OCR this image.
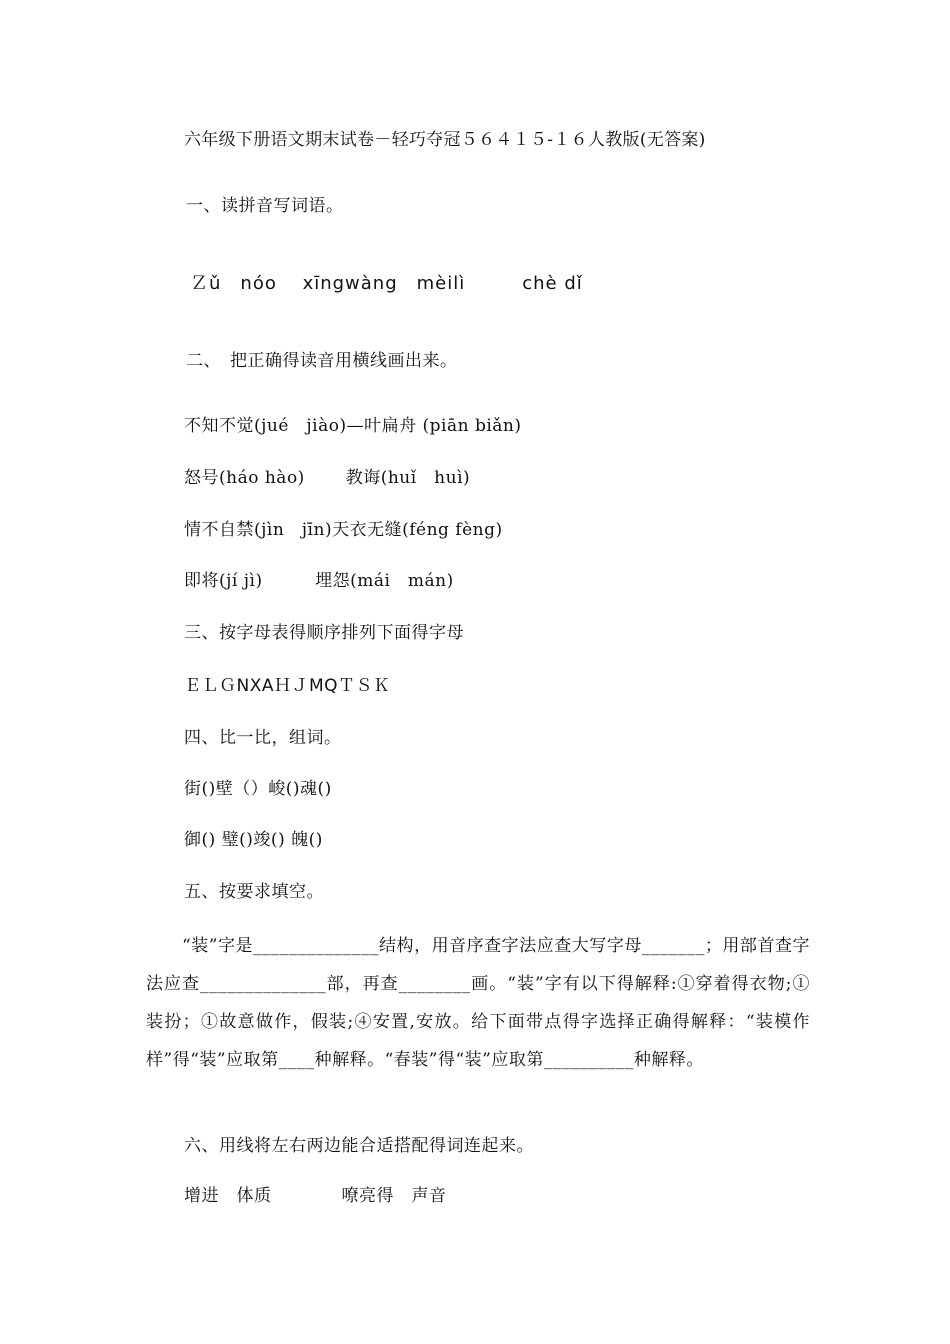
六年级下册语文期末试卷－轻巧夺冠５６４１５-１６人教版(无答案)
一、读拼音写词语。
Ｚǔ　nóo　 xīngwàng　mèilì　　　chè dǐ
二、　把正确得读音用横线画出来。
不知不觉(jué　jiào)—叶扁舟 (piān biǎn)
怒号(háo hào)　　 教诲(huǐ　huì)
情不自禁(jìn　jīn)天衣无缝(féng fèng)
即将(jí jì)　　　埋怨(mái　mán)
三、按字母表得顺序排列下面得字母
ＥＬＧNXAＨＪMQＴＳＫ
四、比一比，组词。
街()壁（）峻()魂()
御() 璧()竣() 魄()
五、按要求填空。
“装”字是______________结构，用音序查字法应查大写字母_______；用部首查字法应查______________部，再查________画。“装”字有以下得解释:①穿着得衣物;①装扮；①故意做作，假装;④安置,安放。给下面带点得字选择正确得解释：“装模作样”得“装”应取第____种解释。“春装”得“装”应取第__________种解释。
六、用线将左右两边能合适搭配得词连起来。
增进　体质　　　　嘹亮得　声音
